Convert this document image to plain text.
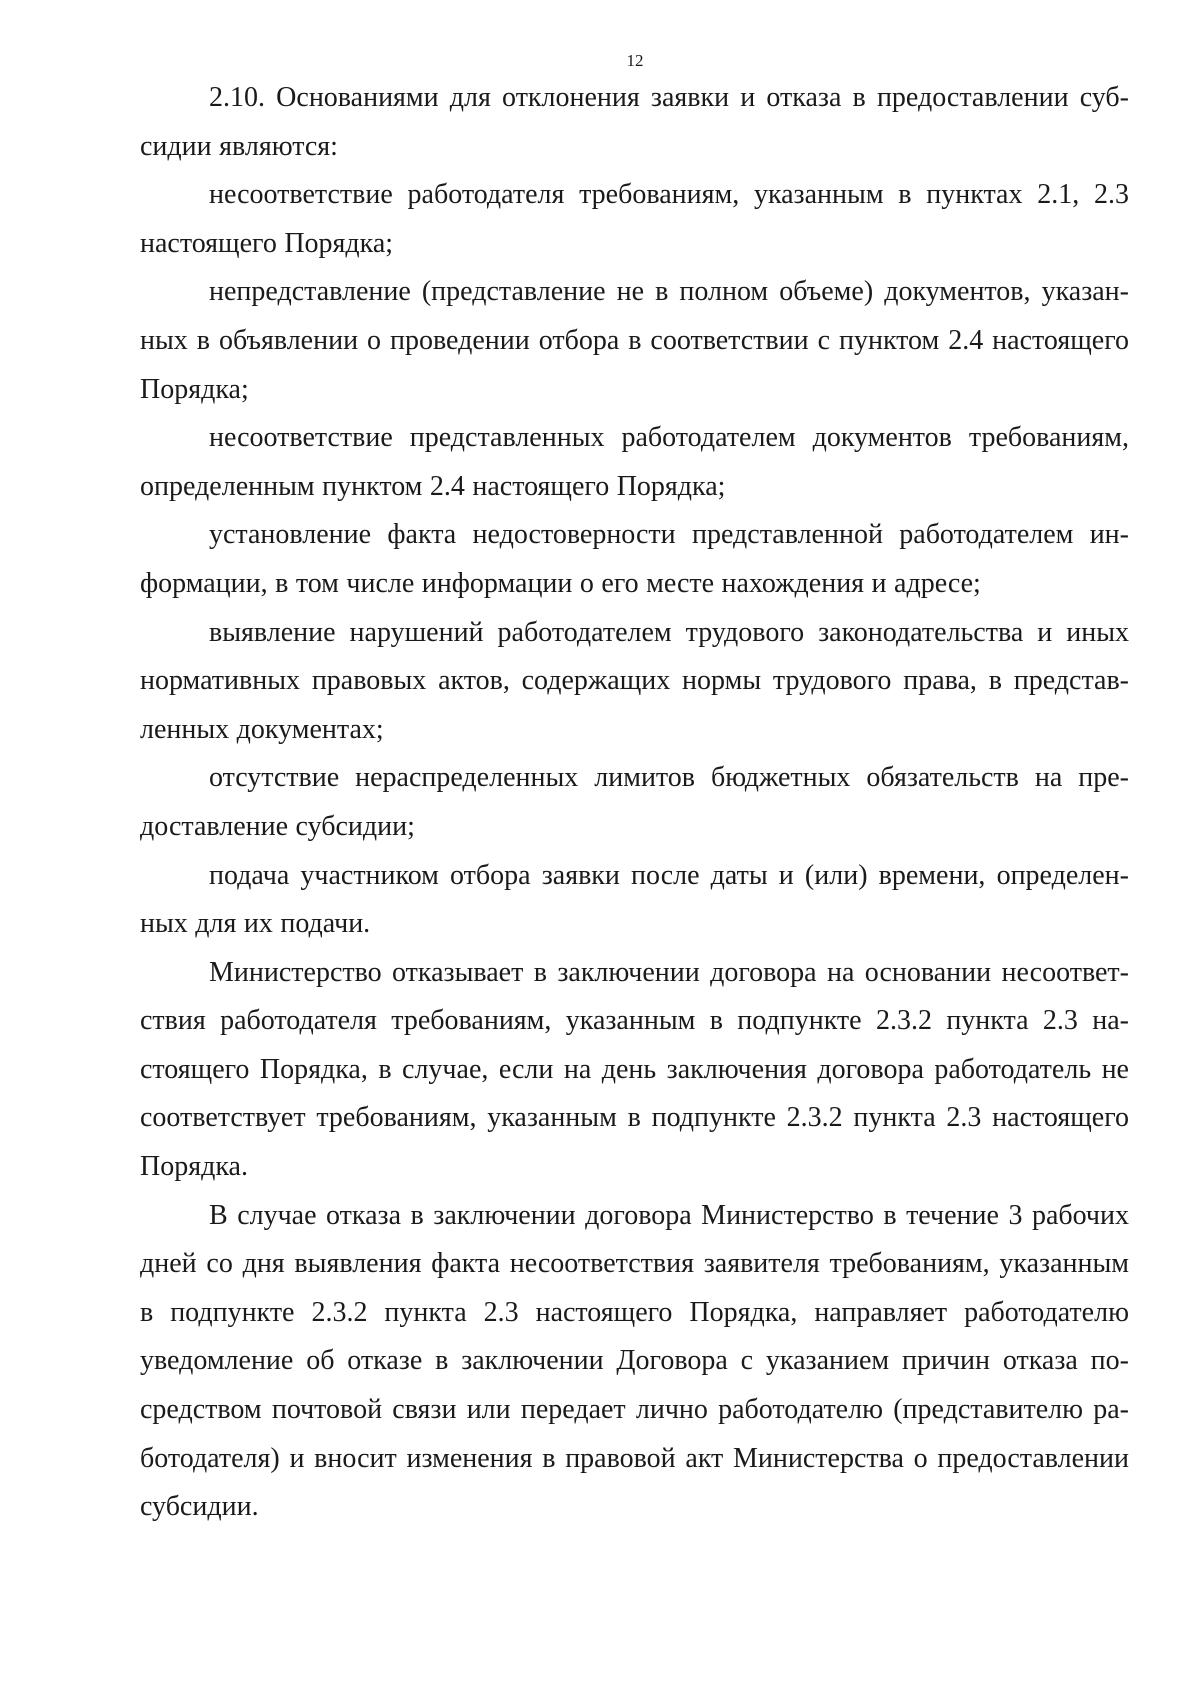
12

2.10. Основаниями для отклонения заявки и отказа в предоставлении субсидии являются:

несоответствие работодателя требованиям, указанным в пунктах 2.1, 2.3 настоящего Порядка;

непредставление (представление не в полном объеме) документов, указанных в объявлении о проведении отбора в соответствии с пунктом 2.4 настоящего Порядка;

несоответствие представленных работодателем документов требованиям, определенным пунктом 2.4 настоящего Порядка;

установление факта недостоверности представленной работодателем информации, в том числе информации о его месте нахождения и адресе;

выявление нарушений работодателем трудового законодательства и иных нормативных правовых актов, содержащих нормы трудового права, в представленных документах;

отсутствие нераспределенных лимитов бюджетных обязательств на предоставление субсидии;

подача участником отбора заявки после даты и (или) времени, определенных для их подачи.

Министерство отказывает в заключении договора на основании несоответствия работодателя требованиям, указанным в подпункте 2.3.2 пункта 2.3 настоящего Порядка, в случае, если на день заключения договора работодатель не соответствует требованиям, указанным в подпункте 2.3.2 пункта 2.3 настоящего Порядка.

В случае отказа в заключении договора Министерство в течение 3 рабочих дней со дня выявления факта несоответствия заявителя требованиям, указанным в подпункте 2.3.2 пункта 2.3 настоящего Порядка, направляет работодателю уведомление об отказе в заключении Договора с указанием причин отказа посредством почтовой связи или передает лично работодателю (представителю работодателя) и вносит изменения в правовой акт Министерства о предоставлении субсидии.
